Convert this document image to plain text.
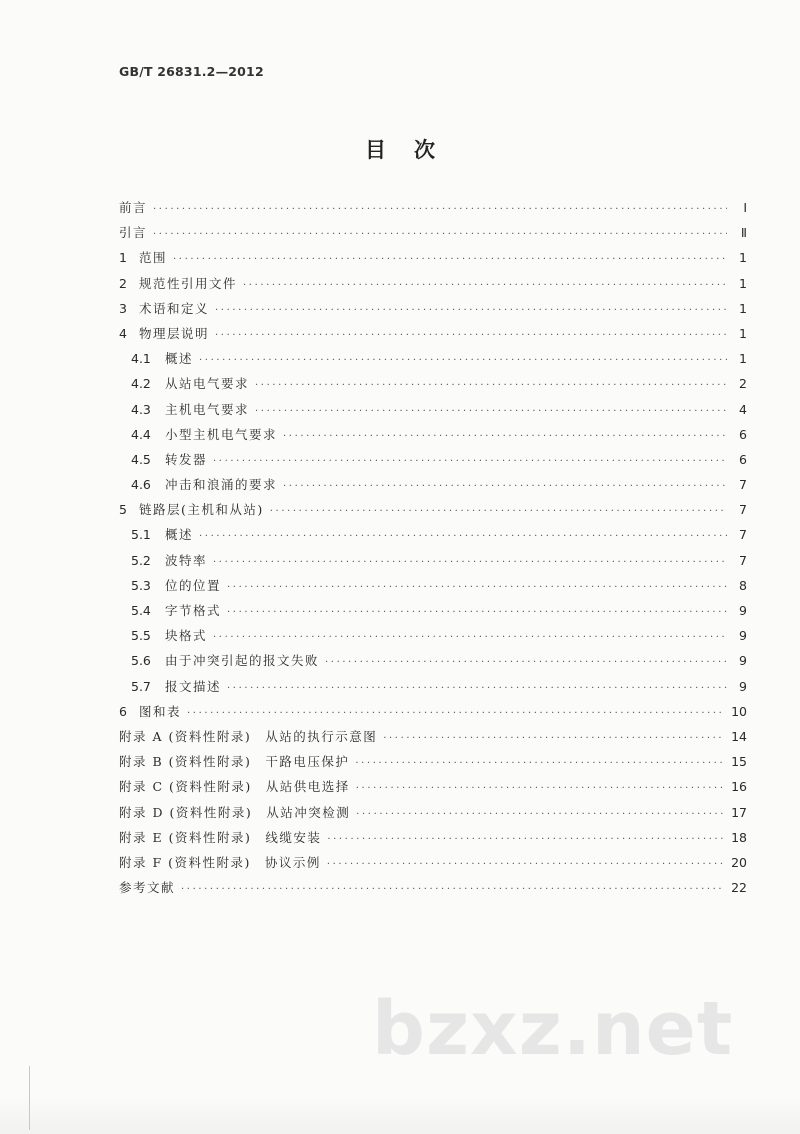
GB/T 26831.2—2012
目次
前言 ·····	Ⅰ
引言 ·····	Ⅱ
1 范围 ·····	1
2 规范性引用文件 ·····	1
3 术语和定义 ·····	1
4 物理层说明 ·····	1
4.1 概述 ·····	1
4.2 从站电气要求 ·····	2
4.3 主机电气要求 ·····	4
4.4 小型主机电气要求 ·····	6
4.5 转发器 ·····	6
4.6 冲击和浪涌的要求 ·····	7
5 链路层(主机和从站) ·····	7
5.1 概述 ·····	7
5.2 波特率 ·····	7
5.3 位的位置 ·····	8
5.4 字节格式 ·····	9
5.5 块格式 ·····	9
5.6 由于冲突引起的报文失败 ·····	9
5.7 报文描述 ·····	9
6 图和表 ·····	10
附录 A (资料性附录)　从站的执行示意图 ·····	14
附录 B (资料性附录)　干路电压保护 ·····	15
附录 C (资料性附录)　从站供电选择 ·····	16
附录 D (资料性附录)　从站冲突检测 ·····	17
附录 E (资料性附录)　线缆安装 ·····	18
附录 F (资料性附录)　协议示例 ·····	20
参考文献 ·····	22
bzxz.net
